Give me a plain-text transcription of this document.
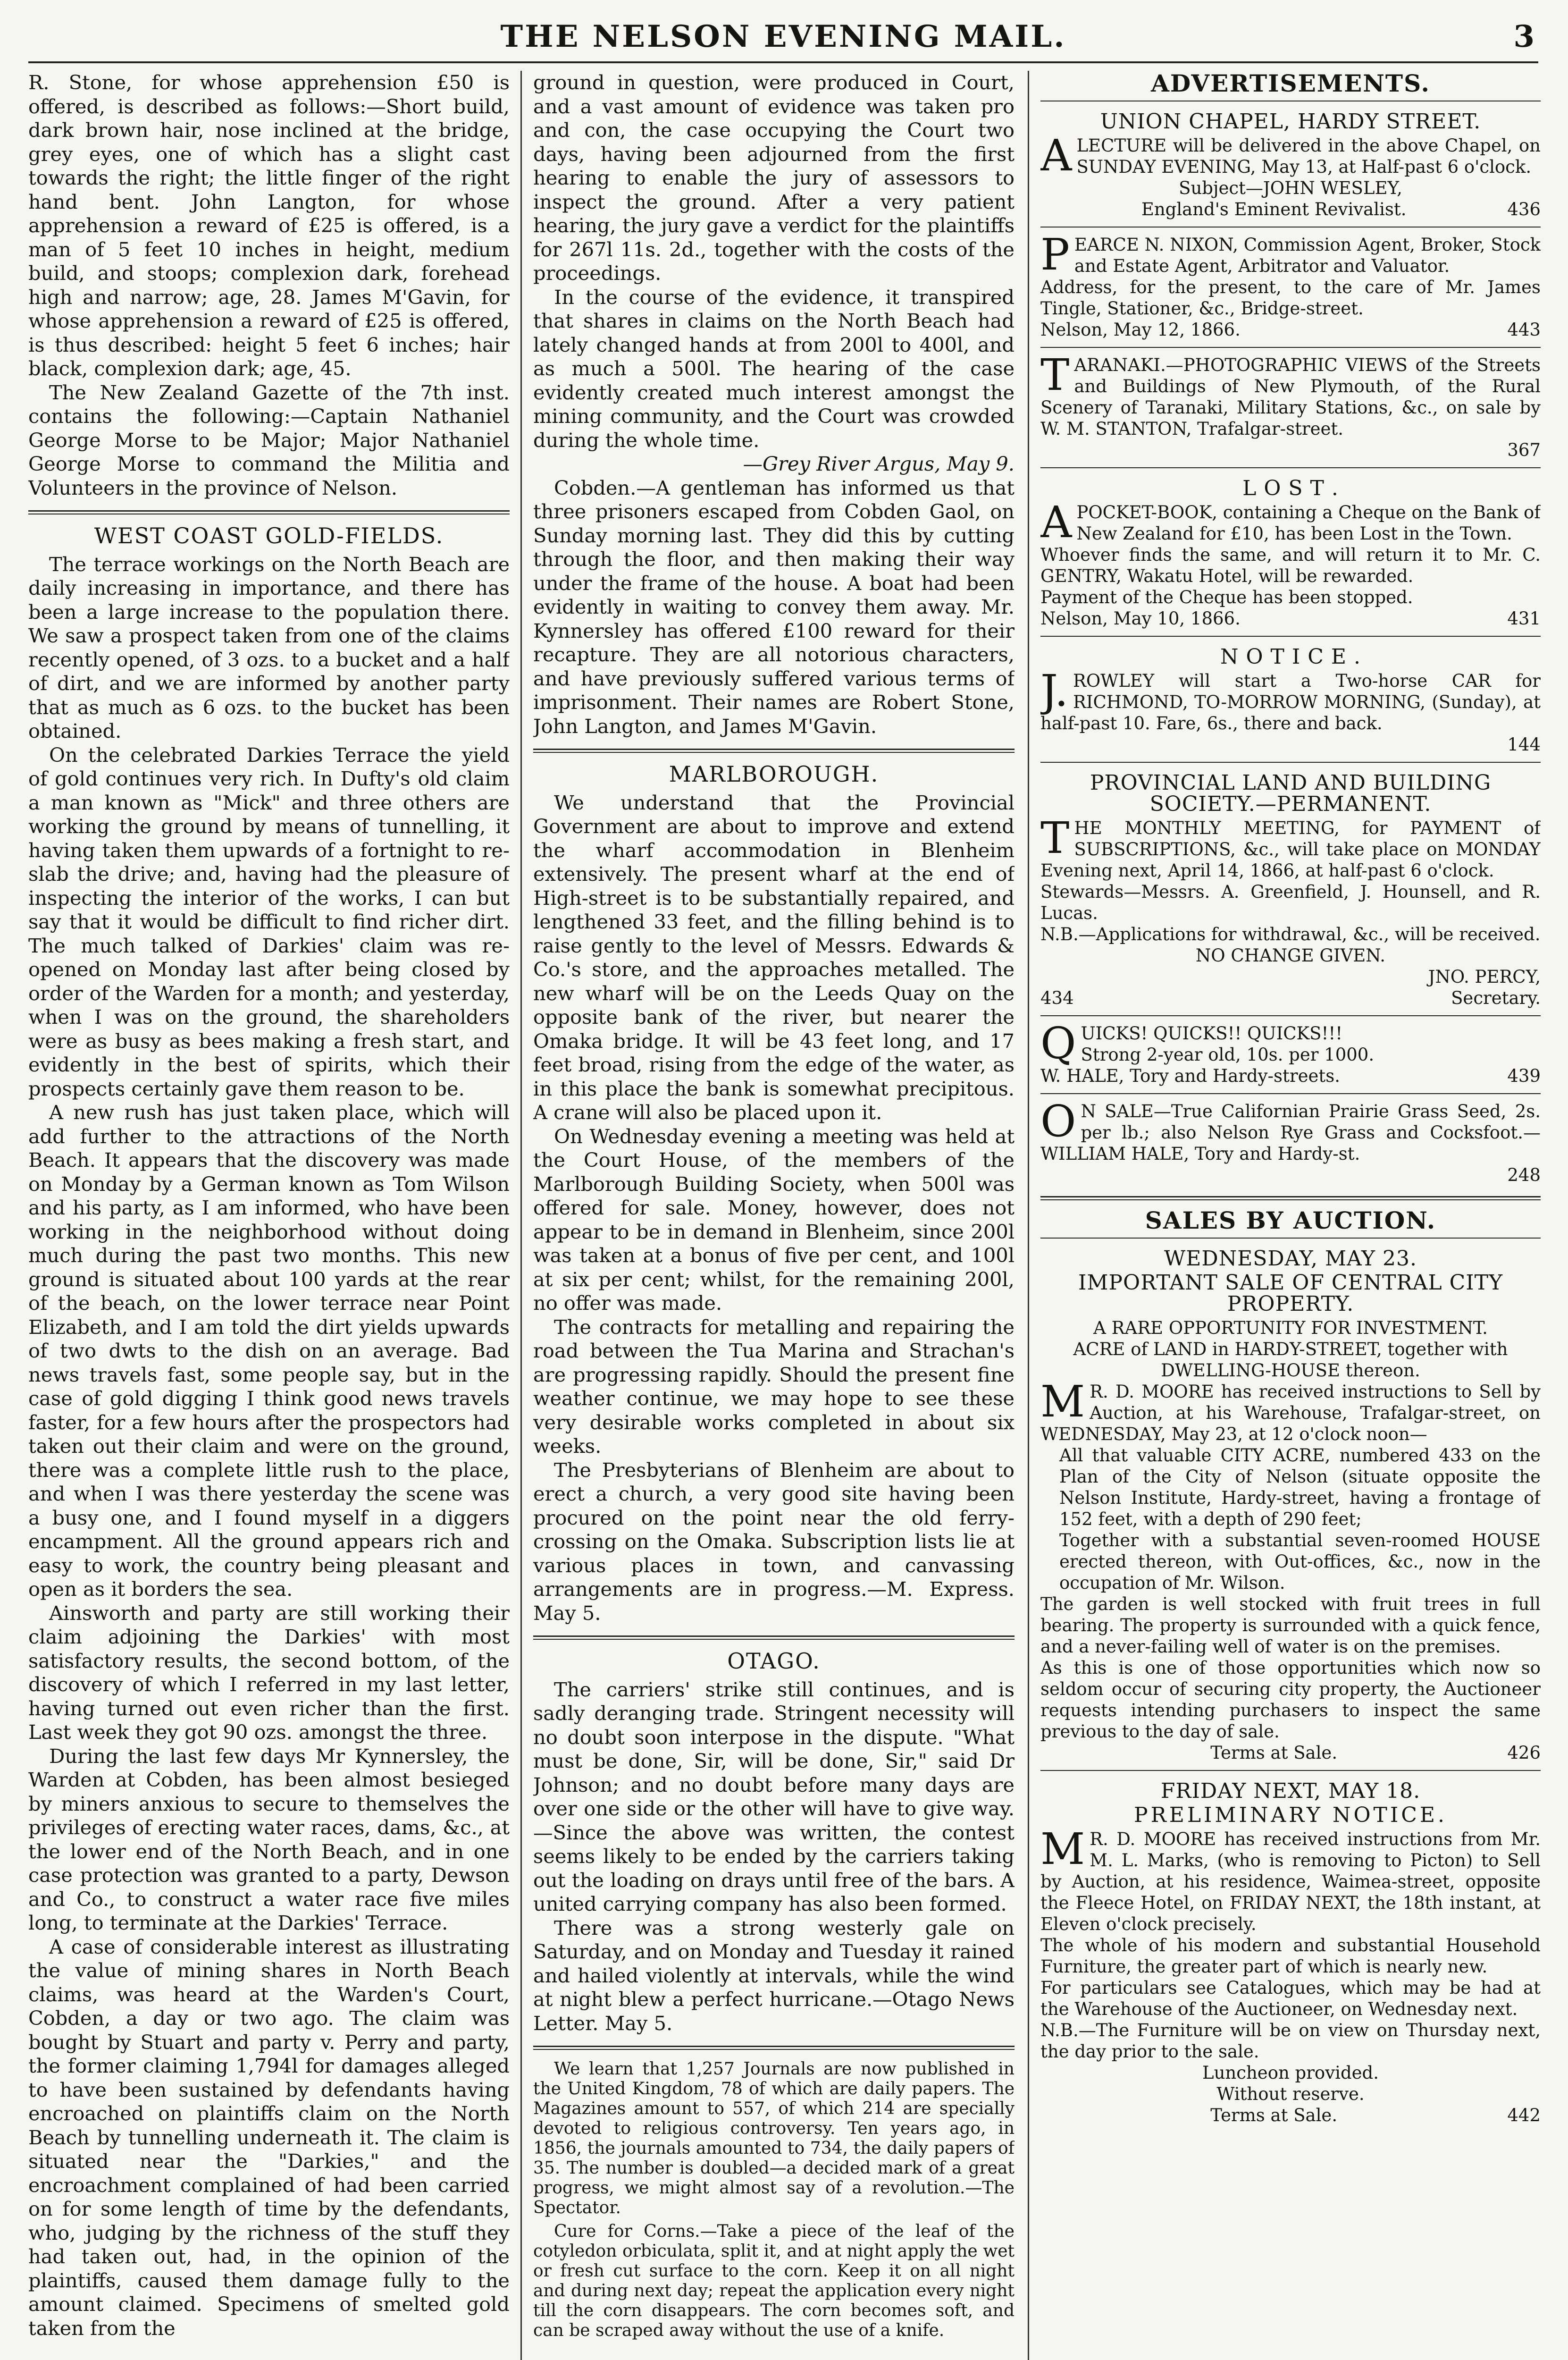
THE NELSON EVENING MAIL.	3

R. Stone, for whose apprehension £50 is offered, is described as follows:—Short build, dark brown hair, nose inclined at the bridge, grey eyes, one of which has a slight cast towards the right; the little finger of the right hand bent. John Langton, for whose apprehension a reward of £25 is offered, is a man of 5 feet 10 inches in height, medium build, and stoops; complexion dark, forehead high and narrow; age, 28. James M'Gavin, for whose apprehension a reward of £25 is offered, is thus described: height 5 feet 6 inches; hair black, complexion dark; age, 45.

The New Zealand Gazette of the 7th inst. contains the following:—Captain Nathaniel George Morse to be Major; Major Nathaniel George Morse to command the Militia and Volunteers in the province of Nelson.

WEST COAST GOLD-FIELDS.

The terrace workings on the North Beach are daily increasing in importance, and there has been a large increase to the population there. We saw a prospect taken from one of the claims recently opened, of 3 ozs. to a bucket and a half of dirt, and we are informed by another party that as much as 6 ozs. to the bucket has been obtained.

On the celebrated Darkies Terrace the yield of gold continues very rich. In Dufty's old claim a man known as "Mick" and three others are working the ground by means of tunnelling, it having taken them upwards of a fortnight to re-slab the drive; and, having had the pleasure of inspecting the interior of the works, I can but say that it would be difficult to find richer dirt. The much talked of Darkies' claim was re-opened on Monday last after being closed by order of the Warden for a month; and yesterday, when I was on the ground, the shareholders were as busy as bees making a fresh start, and evidently in the best of spirits, which their prospects certainly gave them reason to be.

A new rush has just taken place, which will add further to the attractions of the North Beach. It appears that the discovery was made on Monday by a German known as Tom Wilson and his party, as I am informed, who have been working in the neighborhood without doing much during the past two months. This new ground is situated about 100 yards at the rear of the beach, on the lower terrace near Point Elizabeth, and I am told the dirt yields upwards of two dwts to the dish on an average. Bad news travels fast, some people say, but in the case of gold digging I think good news travels faster, for a few hours after the prospectors had taken out their claim and were on the ground, there was a complete little rush to the place, and when I was there yesterday the scene was a busy one, and I found myself in a diggers encampment. All the ground appears rich and easy to work, the country being pleasant and open as it borders the sea.

Ainsworth and party are still working their claim adjoining the Darkies' with most satisfactory results, the second bottom, of the discovery of which I referred in my last letter, having turned out even richer than the first. Last week they got 90 ozs. amongst the three.

During the last few days Mr Kynnersley, the Warden at Cobden, has been almost besieged by miners anxious to secure to themselves the privileges of erecting water races, dams, &c., at the lower end of the North Beach, and in one case protection was granted to a party, Dewson and Co., to construct a water race five miles long, to terminate at the Darkies' Terrace.

A case of considerable interest as illustrating the value of mining shares in North Beach claims, was heard at the Warden's Court, Cobden, a day or two ago. The claim was bought by Stuart and party v. Perry and party, the former claiming 1,794l for damages alleged to have been sustained by defendants having encroached on plaintiffs claim on the North Beach by tunnelling underneath it. The claim is situated near the "Darkies," and the encroachment complained of had been carried on for some length of time by the defendants, who, judging by the richness of the stuff they had taken out, had, in the opinion of the plaintiffs, caused them damage fully to the amount claimed. Specimens of smelted gold taken from the

ground in question, were produced in Court, and a vast amount of evidence was taken pro and con, the case occupying the Court two days, having been adjourned from the first hearing to enable the jury of assessors to inspect the ground. After a very patient hearing, the jury gave a verdict for the plaintiffs for 267l 11s. 2d., together with the costs of the proceedings.

In the course of the evidence, it transpired that shares in claims on the North Beach had lately changed hands at from 200l to 400l, and as much a 500l. The hearing of the case evidently created much interest amongst the mining community, and the Court was crowded during the whole time.

—Grey River Argus, May 9.

Cobden.—A gentleman has informed us that three prisoners escaped from Cobden Gaol, on Sunday morning last. They did this by cutting through the floor, and then making their way under the frame of the house. A boat had been evidently in waiting to convey them away. Mr. Kynnersley has offered £100 reward for their recapture. They are all notorious characters, and have previously suffered various terms of imprisonment. Their names are Robert Stone, John Langton, and James M'Gavin.

MARLBOROUGH.

We understand that the Provincial Government are about to improve and extend the wharf accommodation in Blenheim extensively. The present wharf at the end of High-street is to be substantially repaired, and lengthened 33 feet, and the filling behind is to raise gently to the level of Messrs. Edwards & Co.'s store, and the approaches metalled. The new wharf will be on the Leeds Quay on the opposite bank of the river, but nearer the Omaka bridge. It will be 43 feet long, and 17 feet broad, rising from the edge of the water, as in this place the bank is somewhat precipitous. A crane will also be placed upon it.

On Wednesday evening a meeting was held at the Court House, of the members of the Marlborough Building Society, when 500l was offered for sale. Money, however, does not appear to be in demand in Blenheim, since 200l was taken at a bonus of five per cent, and 100l at six per cent; whilst, for the remaining 200l, no offer was made.

The contracts for metalling and repairing the road between the Tua Marina and Strachan's are progressing rapidly. Should the present fine weather continue, we may hope to see these very desirable works completed in about six weeks.

The Presbyterians of Blenheim are about to erect a church, a very good site having been procured on the point near the old ferry-crossing on the Omaka. Subscription lists lie at various places in town, and canvassing arrangements are in progress.—M. Express. May 5.

OTAGO.

The carriers' strike still continues, and is sadly deranging trade. Stringent necessity will no doubt soon interpose in the dispute. "What must be done, Sir, will be done, Sir," said Dr Johnson; and no doubt before many days are over one side or the other will have to give way.—Since the above was written, the contest seems likely to be ended by the carriers taking out the loading on drays until free of the bars. A united carrying company has also been formed.

There was a strong westerly gale on Saturday, and on Monday and Tuesday it rained and hailed violently at intervals, while the wind at night blew a perfect hurricane.—Otago News Letter. May 5.

We learn that 1,257 Journals are now published in the United Kingdom, 78 of which are daily papers. The Magazines amount to 557, of which 214 are specially devoted to religious controversy. Ten years ago, in 1856, the journals amounted to 734, the daily papers of 35. The number is doubled—a decided mark of a great progress, we might almost say of a revolution.—The Spectator.

Cure for Corns.—Take a piece of the leaf of the cotyledon orbiculata, split it, and at night apply the wet or fresh cut surface to the corn. Keep it on all night and during next day; repeat the application every night till the corn disappears. The corn becomes soft, and can be scraped away without the use of a knife.

ADVERTISEMENTS.
UNION CHAPEL, HARDY STREET.
A LECTURE will be delivered in the above Chapel, on SUNDAY EVENING, May 13, at Half-past 6 o'clock.

Subject—JOHN WESLEY,
England's Eminent Revivalist.	436
P EARCE N. NIXON, Commission Agent, Broker, Stock and Estate Agent, Arbitrator and Valuator.

Address, for the present, to the care of Mr. James Tingle, Stationer, &c., Bridge-street.

Nelson, May 12, 1866.	443
T ARANAKI.—PHOTOGRAPHIC VIEWS of the Streets and Buildings of New Plymouth, of the Rural Scenery of Taranaki, Military Stations, &c., on sale by W. M. STANTON, Trafalgar-street.

367
L O S T .
A POCKET-BOOK, containing a Cheque on the Bank of New Zealand for £10, has been Lost in the Town.

Whoever finds the same, and will return it to Mr. C. GENTRY, Wakatu Hotel, will be rewarded.

Payment of the Cheque has been stopped.

Nelson, May 10, 1866.	431
N O T I C E .
J. ROWLEY will start a Two-horse CAR for RICHMOND, TO-MORROW MORNING, (Sunday), at half-past 10. Fare, 6s., there and back.

144
PROVINCIAL LAND AND BUILDING SOCIETY.—PERMANENT.
T HE MONTHLY MEETING, for PAYMENT of SUBSCRIPTIONS, &c., will take place on MONDAY Evening next, April 14, 1866, at half-past 6 o'clock.

Stewards—Messrs. A. Greenfield, J. Hounsell, and R. Lucas.

N.B.—Applications for withdrawal, &c., will be received.

NO CHANGE GIVEN.
JNO. PERCY,
434	Secretary.
Q UICKS! QUICKS!! QUICKS!!!

Strong 2-year old, 10s. per 1000.

W. HALE, Tory and Hardy-streets.	439
O N SALE—True Californian Prairie Grass Seed, 2s. per lb.; also Nelson Rye Grass and Cocksfoot.—WILLIAM HALE, Tory and Hardy-st.

248
SALES BY AUCTION.
WEDNESDAY, MAY 23.
IMPORTANT SALE OF CENTRAL CITY PROPERTY.
A RARE OPPORTUNITY FOR INVESTMENT.
ACRE of LAND in HARDY-STREET, together with DWELLING-HOUSE thereon.
M R. D. MOORE has received instructions to Sell by Auction, at his Warehouse, Trafalgar-street, on WEDNESDAY, May 23, at 12 o'clock noon—

All that valuable CITY ACRE, numbered 433 on the Plan of the City of Nelson (situate opposite the Nelson Institute, Hardy-street, having a frontage of 152 feet, with a depth of 290 feet;

Together with a substantial seven-roomed HOUSE erected thereon, with Out-offices, &c., now in the occupation of Mr. Wilson.

The garden is well stocked with fruit trees in full bearing. The property is surrounded with a quick fence, and a never-failing well of water is on the premises.

As this is one of those opportunities which now so seldom occur of securing city property, the Auctioneer requests intending purchasers to inspect the same previous to the day of sale.

Terms at Sale.	426
FRIDAY NEXT, MAY 18.
PRELIMINARY NOTICE.
M R. D. MOORE has received instructions from Mr. M. L. Marks, (who is removing to Picton) to Sell by Auction, at his residence, Waimea-street, opposite the Fleece Hotel, on FRIDAY NEXT, the 18th instant, at Eleven o'clock precisely.

The whole of his modern and substantial Household Furniture, the greater part of which is nearly new.

For particulars see Catalogues, which may be had at the Warehouse of the Auctioneer, on Wednesday next.

N.B.—The Furniture will be on view on Thursday next, the day prior to the sale.

Luncheon provided.
Without reserve.
Terms at Sale.	442
